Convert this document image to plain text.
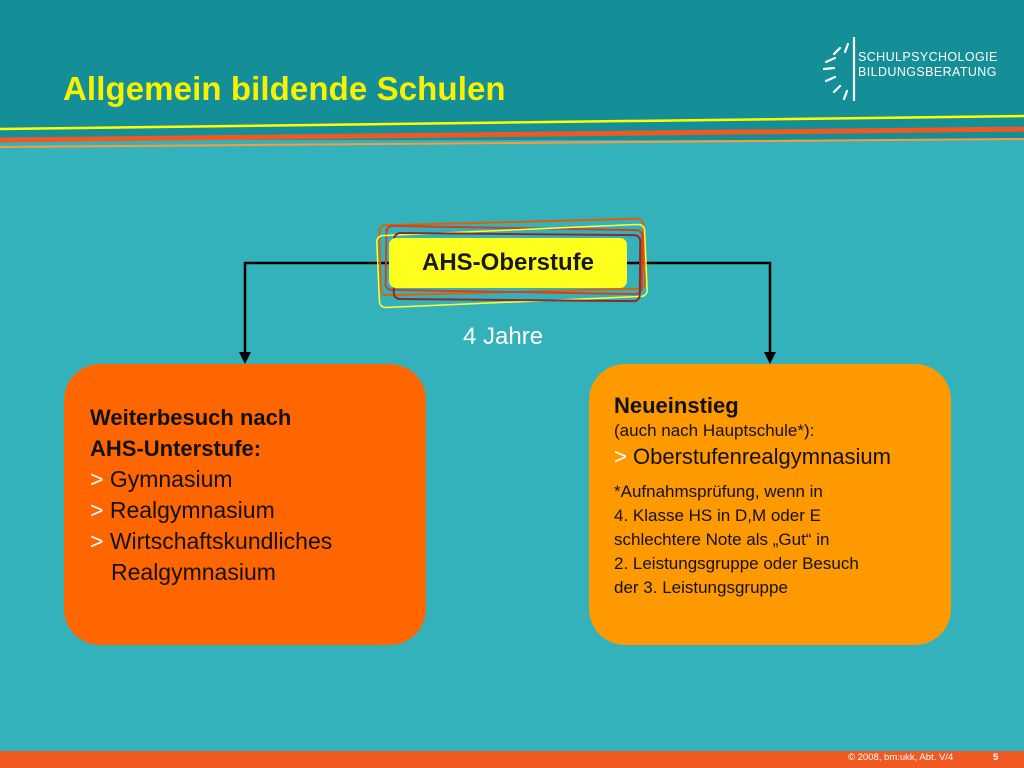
Allgemein bildende Schulen
SCHULPSYCHOLOGIE
BILDUNGSBERATUNG
AHS-Oberstufe
4 Jahre
Weiterbesuch nach
AHS-Unterstufe:
> Gymnasium
> Realgymnasium
> Wirtschaftskundliches
Realgymnasium
Neueinstieg
(auch nach Hauptschule*):
> Oberstufenrealgymnasium
*Aufnahmsprüfung, wenn in
4. Klasse HS in D,M oder E
schlechtere Note als „Gut“ in
2. Leistungsgruppe oder Besuch
der 3. Leistungsgruppe
© 2008, bm:ukk, Abt. V/4	5
